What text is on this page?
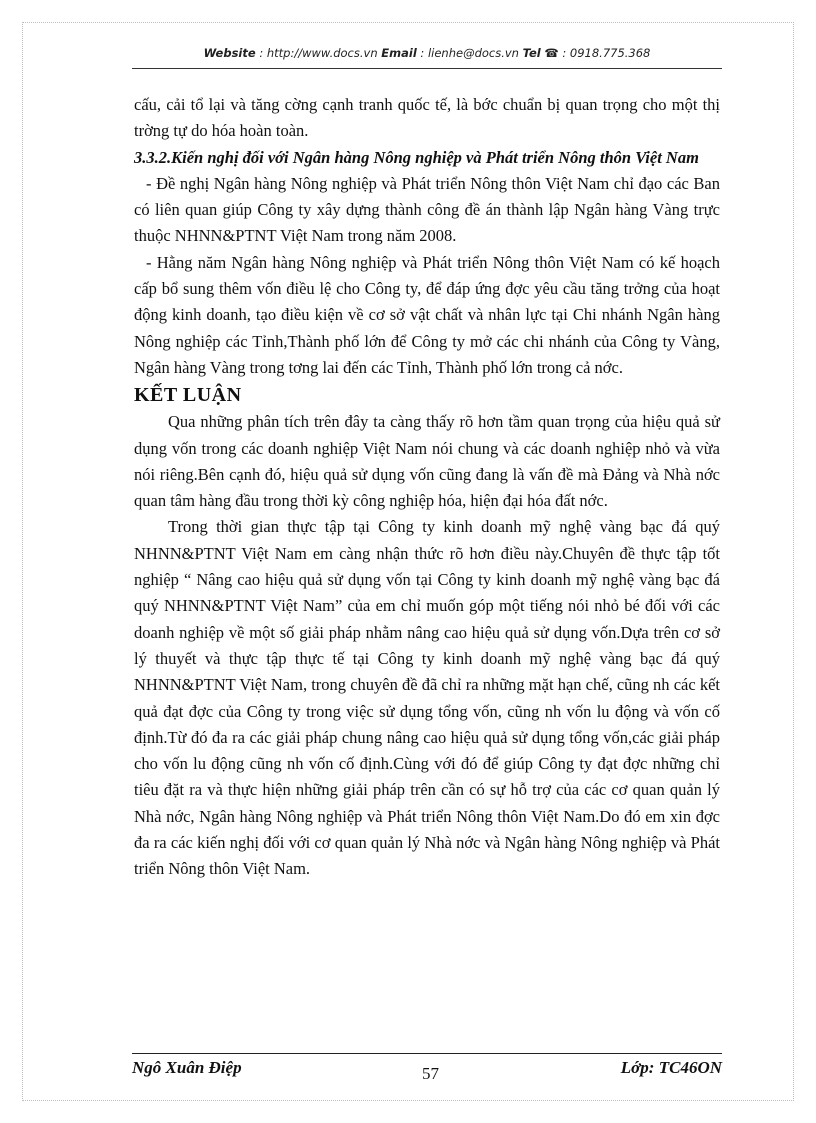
Website : http://www.docs.vn Email : lienhe@docs.vn Tel ☎ : 0918.775.368

cấu, cải tổ lại và tăng cờng cạnh tranh quốc tế, là bớc chuẩn bị quan trọng cho một thị trờng tự do hóa hoàn toàn.

3.3.2.Kiến nghị đối với Ngân hàng Nông nghiệp và Phát triển Nông thôn Việt Nam

- Đề nghị Ngân hàng Nông nghiệp và Phát triển Nông thôn Việt Nam chỉ đạo các Ban có liên quan giúp Công ty xây dựng thành công đề án thành lập Ngân hàng Vàng trực thuộc NHNN&PTNT Việt Nam trong năm 2008.

- Hằng năm Ngân hàng Nông nghiệp và Phát triển Nông thôn Việt Nam có kế hoạch cấp bổ sung thêm vốn điều lệ cho Công ty, để đáp ứng đợc yêu cầu tăng trởng của hoạt động kinh doanh, tạo điều kiện về cơ sở vật chất và nhân lực tại Chi nhánh Ngân hàng Nông nghiệp các Tỉnh,Thành phố lớn để Công ty mở các chi nhánh của Công ty Vàng, Ngân hàng Vàng trong tơng lai đến các Tỉnh, Thành phố lớn trong cả nớc.

KẾT LUẬN

Qua những phân tích trên đây ta càng thấy rõ hơn tầm quan trọng của hiệu quả sử dụng vốn trong các doanh nghiệp Việt Nam nói chung và các doanh nghiệp nhỏ và vừa nói riêng.Bên cạnh đó, hiệu quả sử dụng vốn cũng đang là vấn đề mà Đảng và Nhà nớc quan tâm hàng đầu trong thời kỳ công nghiệp hóa, hiện đại hóa đất nớc.

Trong thời gian thực tập tại Công ty kinh doanh mỹ nghệ vàng bạc đá quý NHNN&PTNT Việt Nam em càng nhận thức rõ hơn điều này.Chuyên đề thực tập tốt nghiệp “ Nâng cao hiệu quả sử dụng vốn tại Công ty kinh doanh mỹ nghệ vàng bạc đá quý NHNN&PTNT Việt Nam” của em chỉ muốn góp một tiếng nói nhỏ bé đối với các doanh nghiệp về một số giải pháp nhằm nâng cao hiệu quả sử dụng vốn.Dựa trên cơ sở lý thuyết và thực tập thực tế tại Công ty kinh doanh mỹ nghệ vàng bạc đá quý NHNN&PTNT Việt Nam, trong chuyên đề đã chỉ ra những mặt hạn chế, cũng nh các kết quả đạt đợc của Công ty trong việc sử dụng tổng vốn, cũng nh vốn lu động và vốn cố định.Từ đó đa ra các giải pháp chung nâng cao hiệu quả sử dụng tổng vốn,các giải pháp cho vốn lu động cũng nh vốn cố định.Cùng với đó để giúp Công ty đạt đợc những chỉ tiêu đặt ra và thực hiện những giải pháp trên cần có sự hỗ trợ của các cơ quan quản lý Nhà nớc, Ngân hàng Nông nghiệp và Phát triển Nông thôn Việt Nam.Do đó em xin đợc đa ra các kiến nghị đối với cơ quan quản lý Nhà nớc và Ngân hàng Nông nghiệp và Phát triển Nông thôn Việt Nam.

Ngô Xuân Điệp	57	Lớp: TC46ON
